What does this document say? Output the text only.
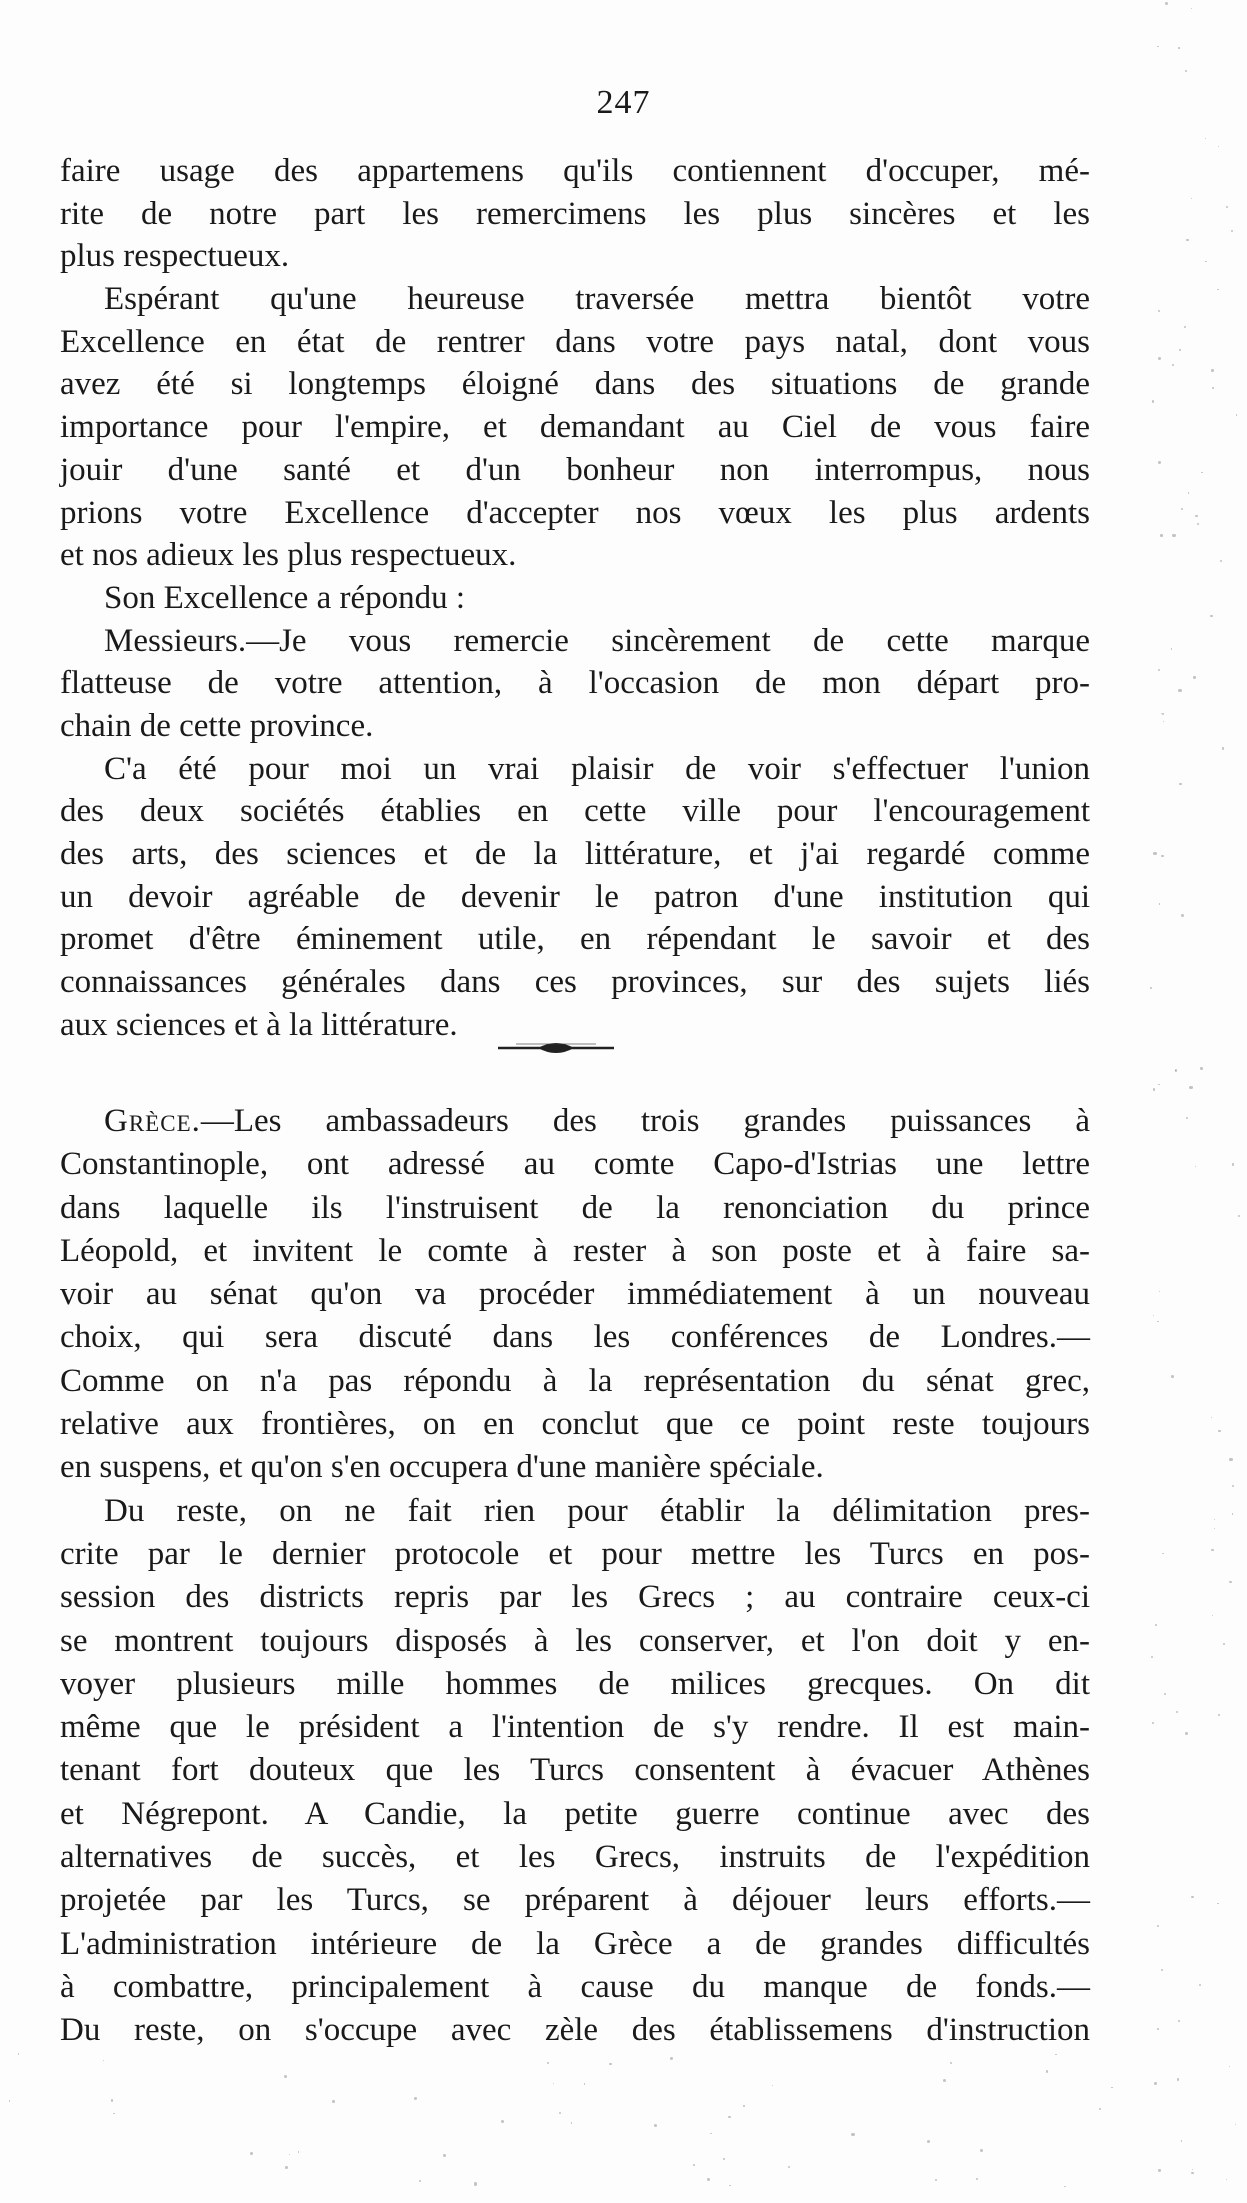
247
faire usage des appartemens qu'ils contiennent d'occuper, mé-
rite de notre part les remercimens les plus sincères et les
plus respectueux.
Espérant qu'une heureuse traversée mettra bientôt votre
Excellence en état de rentrer dans votre pays natal, dont vous
avez été si longtemps éloigné dans des situations de grande
importance pour l'empire, et demandant au Ciel de vous faire
jouir d'une santé et d'un bonheur non interrompus, nous
prions votre Excellence d'accepter nos vœux les plus ardents
et nos adieux les plus respectueux.
Son Excellence a répondu :
Messieurs.—Je vous remercie sincèrement de cette marque
flatteuse de votre attention, à l'occasion de mon départ pro-
chain de cette province.
C'a été pour moi un vrai plaisir de voir s'effectuer l'union
des deux sociétés établies en cette ville pour l'encouragement
des arts, des sciences et de la littérature, et j'ai regardé comme
un devoir agréable de devenir le patron d'une institution qui
promet d'être éminement utile, en répendant le savoir et des
connaissances générales dans ces provinces, sur des sujets liés
aux sciences et à la littérature.
Grèce.—Les ambassadeurs des trois grandes puissances à
Constantinople, ont adressé au comte Capo-d'Istrias une lettre
dans laquelle ils l'instruisent de la renonciation du prince
Léopold, et invitent le comte à rester à son poste et à faire sa-
voir au sénat qu'on va procéder immédiatement à un nouveau
choix, qui sera discuté dans les conférences de Londres.—
Comme on n'a pas répondu à la représentation du sénat grec,
relative aux frontières, on en conclut que ce point reste toujours
en suspens, et qu'on s'en occupera d'une manière spéciale.
Du reste, on ne fait rien pour établir la délimitation pres-
crite par le dernier protocole et pour mettre les Turcs en pos-
session des districts repris par les Grecs ; au contraire ceux-ci
se montrent toujours disposés à les conserver, et l'on doit y en-
voyer plusieurs mille hommes de milices grecques. On dit
même que le président a l'intention de s'y rendre. Il est main-
tenant fort douteux que les Turcs consentent à évacuer Athènes
et Négrepont. A Candie, la petite guerre continue avec des
alternatives de succès, et les Grecs, instruits de l'expédition
projetée par les Turcs, se préparent à déjouer leurs efforts.—
L'administration intérieure de la Grèce a de grandes difficultés
à combattre, principalement à cause du manque de fonds.—
Du reste, on s'occupe avec zèle des établissemens d'instruction
